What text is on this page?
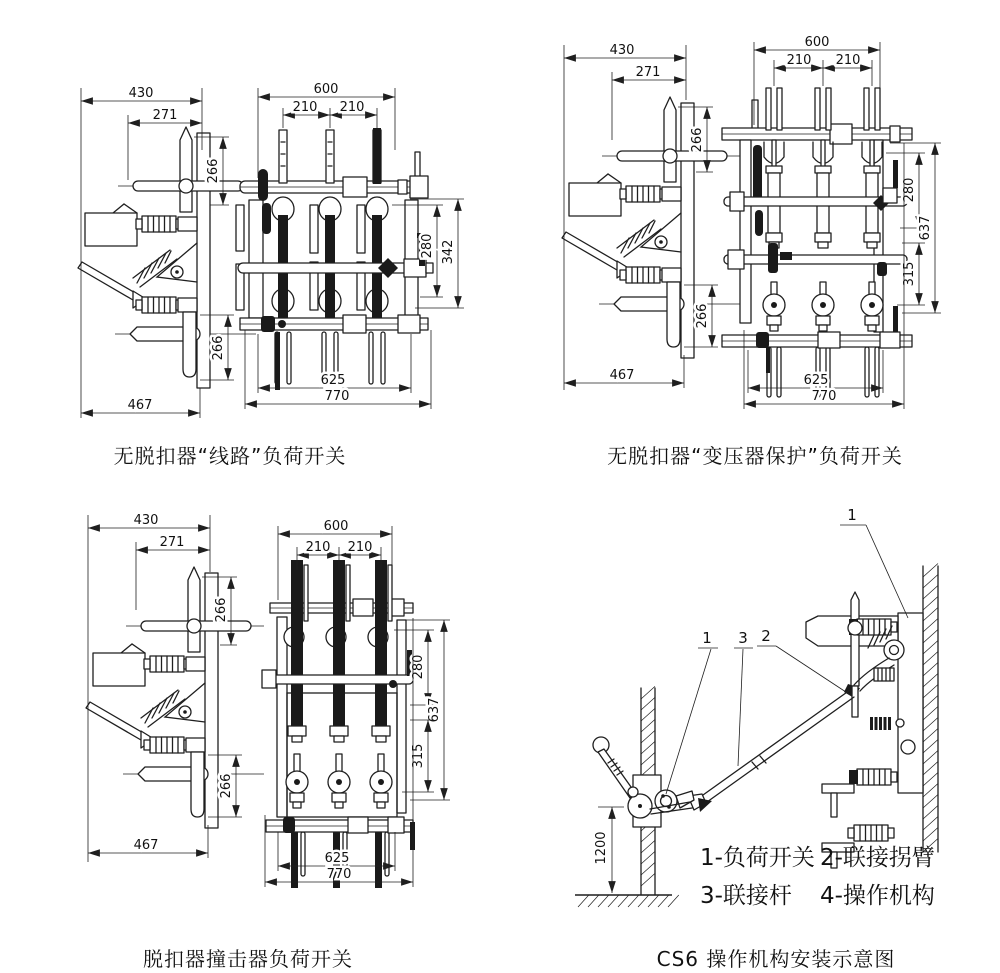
430
271
266
266
467
600
210 210
280 342
625
770
430
271
266
266
467
600
210 210
280
637
315
625
770
430
271
266
266
467
600
210 210
280
637
315
625
770
1200
1
1 3 2
1-负荷开关 2-联接拐臂
3-联接杆 4-操作机构
无脱扣器“线路”负荷开关	无脱扣器“变压器保护”负荷开关
脱扣器撞击器负荷开关	CS6 操作机构安装示意图
